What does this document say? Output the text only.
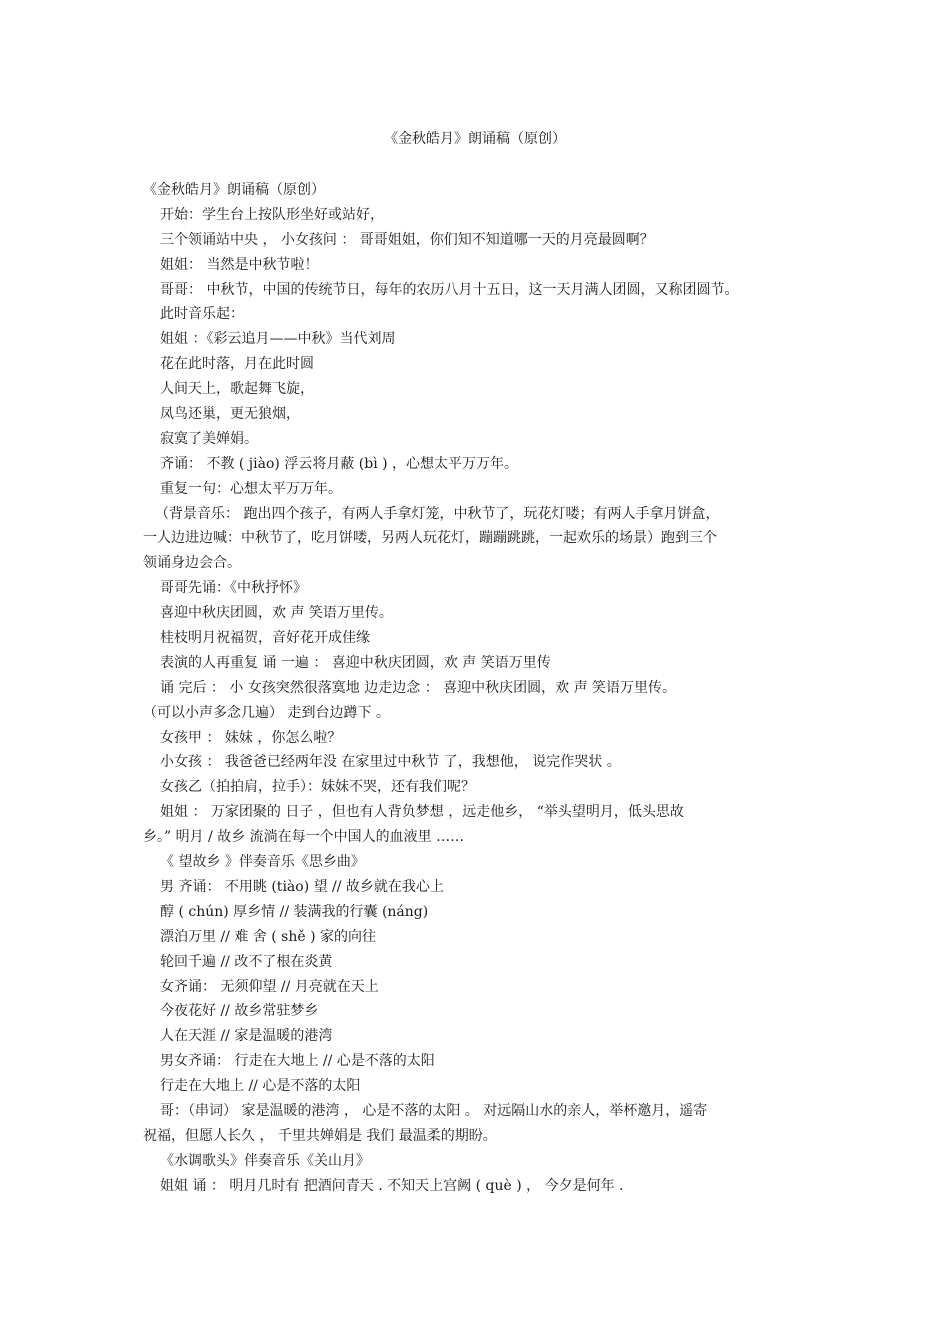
《金秋皓月》朗诵稿（原创）
《金秋皓月》朗诵稿（原创）
开始：学生台上按队形坐好或站好，
三个领诵站中央 ， 小女孩问 ： 哥哥姐姐，你们知不知道哪一天的月亮最圆啊？
姐姐： 当然是中秋节啦！
哥哥： 中秋节，中国的传统节日，每年的农历八月十五日，这一天月满人团圆，又称团圆节。
此时音乐起：
姐姐 ：《彩云追月——中秋》当代刘周
花在此时落，月在此时圆
人间天上，歌起舞飞旋，
凤鸟还巢，更无狼烟，
寂寞了美婵娟。
齐诵： 不教 ( jiào) 浮云将月蔽 (bì ) ，心想太平万万年。
重复一句：心想太平万万年。
（背景音乐： 跑出四个孩子，有两人手拿灯笼，中秋节了，玩花灯喽；有两人手拿月饼盒，
一人边进边喊：中秋节了，吃月饼喽，另两人玩花灯，蹦蹦跳跳，一起欢乐的场景）跑到三个
领诵身边会合。
哥哥先诵：《中秋抒怀》
喜迎中秋庆团圆，欢 声 笑语万里传。
桂枝明月祝福贺，音好花开成佳缘
表演的人再重复 诵 一遍 ： 喜迎中秋庆团圆，欢 声 笑语万里传
诵 完后 ： 小 女孩突然很落寞地 边走边念 ： 喜迎中秋庆团圆，欢 声 笑语万里传。
（可以小声多念几遍） 走到台边蹲下 。
女孩甲 ： 妹妹 ，你怎么啦？
小女孩 ： 我爸爸已经两年没 在家里过中秋节 了，我想他， 说完作哭状 。
女孩乙（拍拍肩，拉手）：妹妹不哭，还有我们呢？
姐姐 ： 万家团聚的 日子 ，但也有人背负梦想 ，远走他乡， “举头望明月，低头思故
乡。” 明月 / 故乡 流淌在每一个中国人的血液里 ……
《 望故乡 》伴奏音乐《思乡曲》
男 齐诵： 不用眺 (tiào) 望 // 故乡就在我心上
醇 ( chún) 厚乡情 // 装满我的行囊 (náng)
漂泊万里 // 难 舍 ( shě ) 家的向往
轮回千遍 // 改不了根在炎黄
女齐诵： 无须仰望 // 月亮就在天上
今夜花好 // 故乡常驻梦乡
人在天涯 // 家是温暖的港湾
男女齐诵： 行走在大地上 // 心是不落的太阳
行走在大地上 // 心是不落的太阳
哥：（串词） 家是温暖的港湾 ， 心是不落的太阳 。 对远隔山水的亲人，举杯邀月，遥寄
祝福，但愿人长久 ， 千里共婵娟是 我们 最温柔的期盼。
《水调歌头》伴奏音乐《关山月》
姐姐 诵 ： 明月几时有 把酒问青天 . 不知天上宫阙 ( què ) ， 今夕是何年 .
